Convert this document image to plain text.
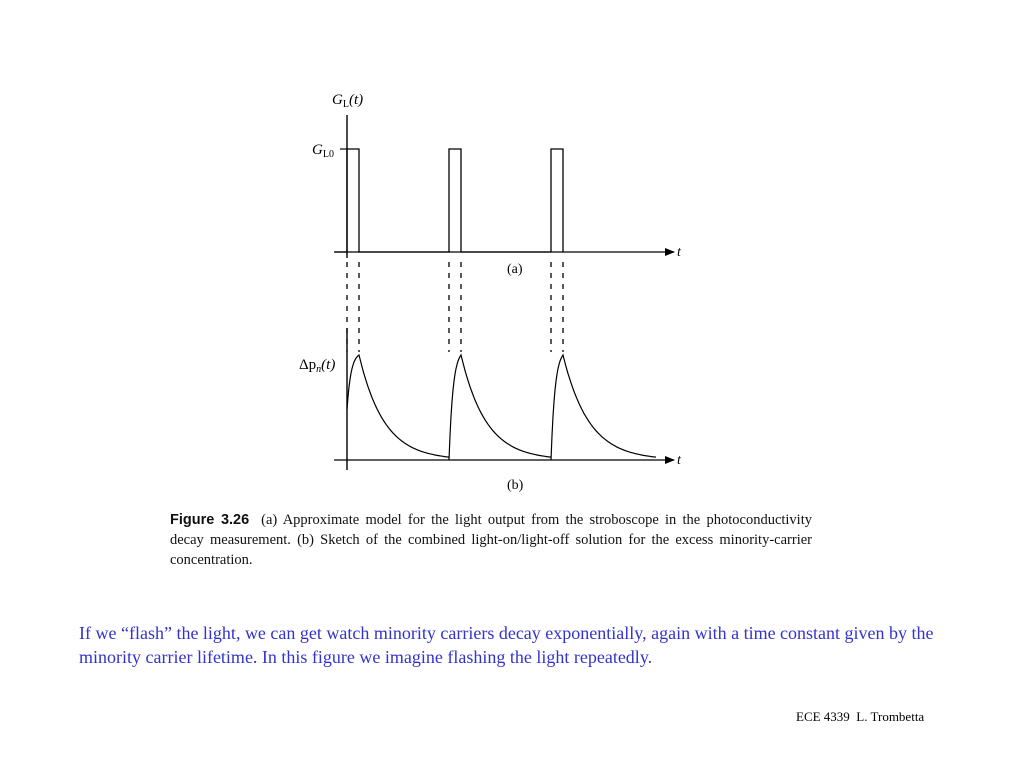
$G_L(t)$
$G_{L0}$
t
(a)
$\Delta p_n(t)$
t
(b)
Figure 3.26 (a) Approximate model for the light output from the stroboscope in the photoconductivity decay measurement. (b) Sketch of the combined light-on/light-off solution for the excess minority-carrier concentration.
If we “flash” the light, we can get watch minority carriers decay exponentially, again with a time constant given by the minority carrier lifetime. In this figure we imagine flashing the light repeatedly.
ECE 4339  L. Trombetta
